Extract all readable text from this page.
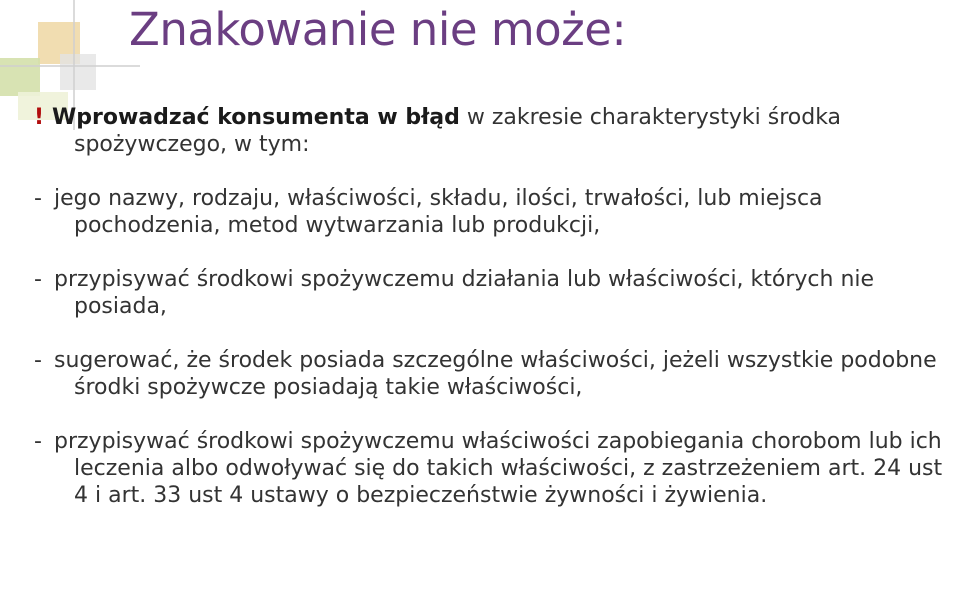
Znakowanie nie może:

! Wprowadzać konsumenta w błąd w zakresie charakterystyki środka spożywczego, w tym:

- jego nazwy, rodzaju, właściwości, składu, ilości, trwałości, lub miejsca pochodzenia, metod wytwarzania lub produkcji,

- przypisywać środkowi spożywczemu działania lub właściwości, których nie posiada,

- sugerować, że środek posiada szczególne właściwości, jeżeli wszystkie podobne środki spożywcze posiadają takie właściwości,

- przypisywać środkowi spożywczemu właściwości zapobiegania chorobom lub ich leczenia albo odwoływać się do takich właściwości, z zastrzeżeniem art. 24 ust 4 i art. 33 ust 4 ustawy o bezpieczeństwie żywności i żywienia.
